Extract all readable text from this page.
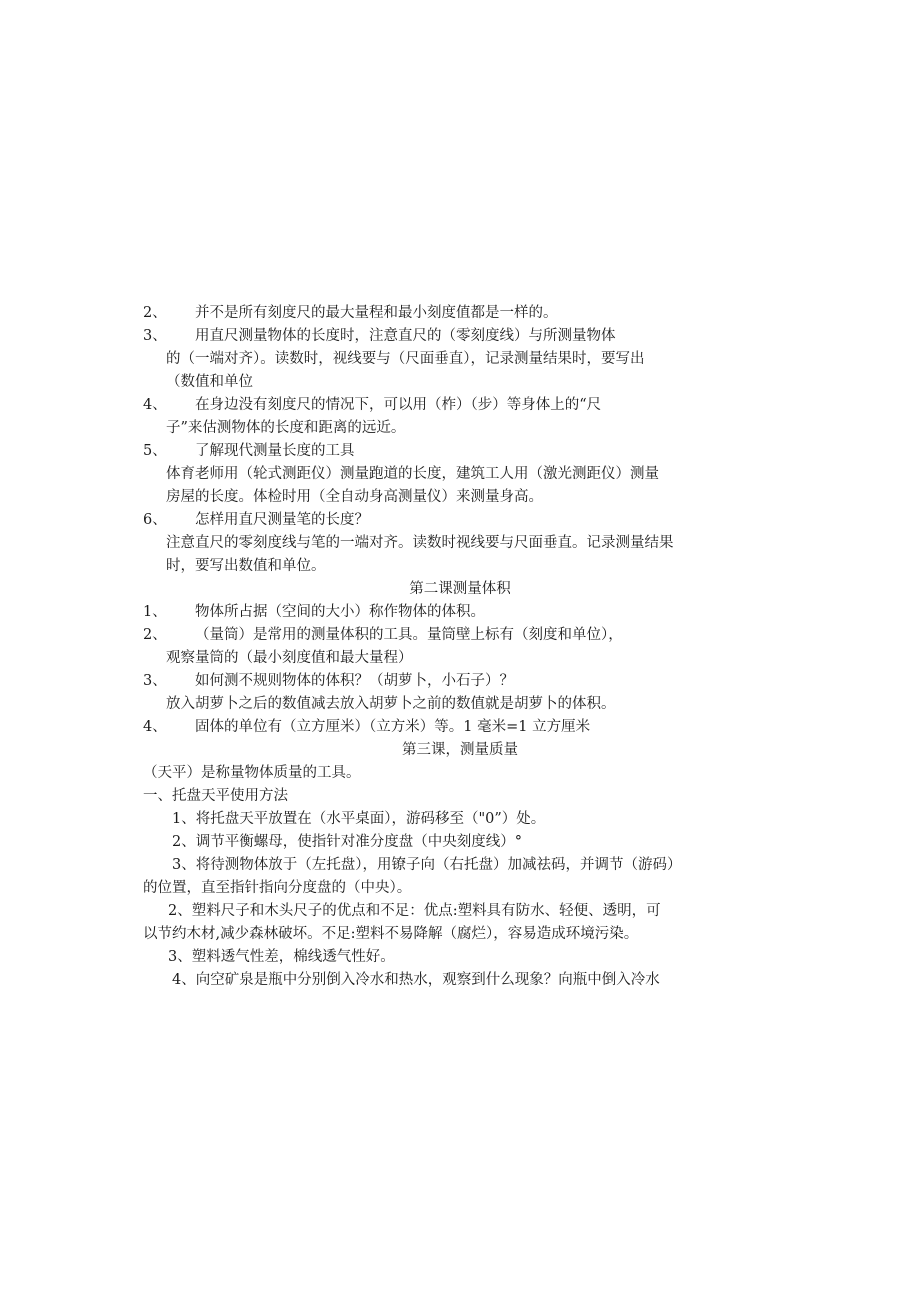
2、 并不是所有刻度尺的最大量程和最小刻度值都是一样的。
3、 用直尺测量物体的长度时，注意直尺的（零刻度线）与所测量物体
的（一端对齐）。读数时，视线要与（尺面垂直），记录测量结果时，要写出
（数值和单位
4、 在身边没有刻度尺的情况下，可以用（柞）（步）等身体上的“尺
子”来估测物体的长度和距离的远近。
5、 了解现代测量长度的工具
体育老师用（轮式测距仪）测量跑道的长度，建筑工人用（激光测距仪）测量
房屋的长度。体检时用（全自动身高测量仪）来测量身高。
6、 怎样用直尺测量笔的长度？
注意直尺的零刻度线与笔的一端对齐。读数时视线要与尺面垂直。记录测量结果
时，要写出数值和单位。
第二课测量体积
1、 物体所占据（空间的大小）称作物体的体积。
2、 （量筒）是常用的测量体积的工具。量筒壁上标有（刻度和单位），
观察量筒的（最小刻度值和最大量程）
3、 如何测不规则物体的体积？（胡萝卜，小石子）？
放入胡萝卜之后的数值减去放入胡萝卜之前的数值就是胡萝卜的体积。
4、 固体的单位有（立方厘米）（立方米）等。1 毫米=1 立方厘米
第三课，测量质量
（天平）是称量物体质量的工具。
一、托盘天平使用方法
1、将托盘天平放置在（水平桌面），游码移至（"0”）处。
2、调节平衡螺母，使指针对准分度盘（中央刻度线）°
3、将待测物体放于（左托盘），用镣子向（右托盘）加减祛码，并调节（游码）
的位置，直至指针指向分度盘的（中央）。
2、塑料尺子和木头尺子的优点和不足：优点:塑料具有防水、轻便、透明，可
以节约木材,减少森林破坏。不足:塑料不易降解（腐烂），容易造成环境污染。
3、塑料透气性差，棉线透气性好。
4、向空矿泉是瓶中分别倒入冷水和热水，观察到什么现象？向瓶中倒入冷水
